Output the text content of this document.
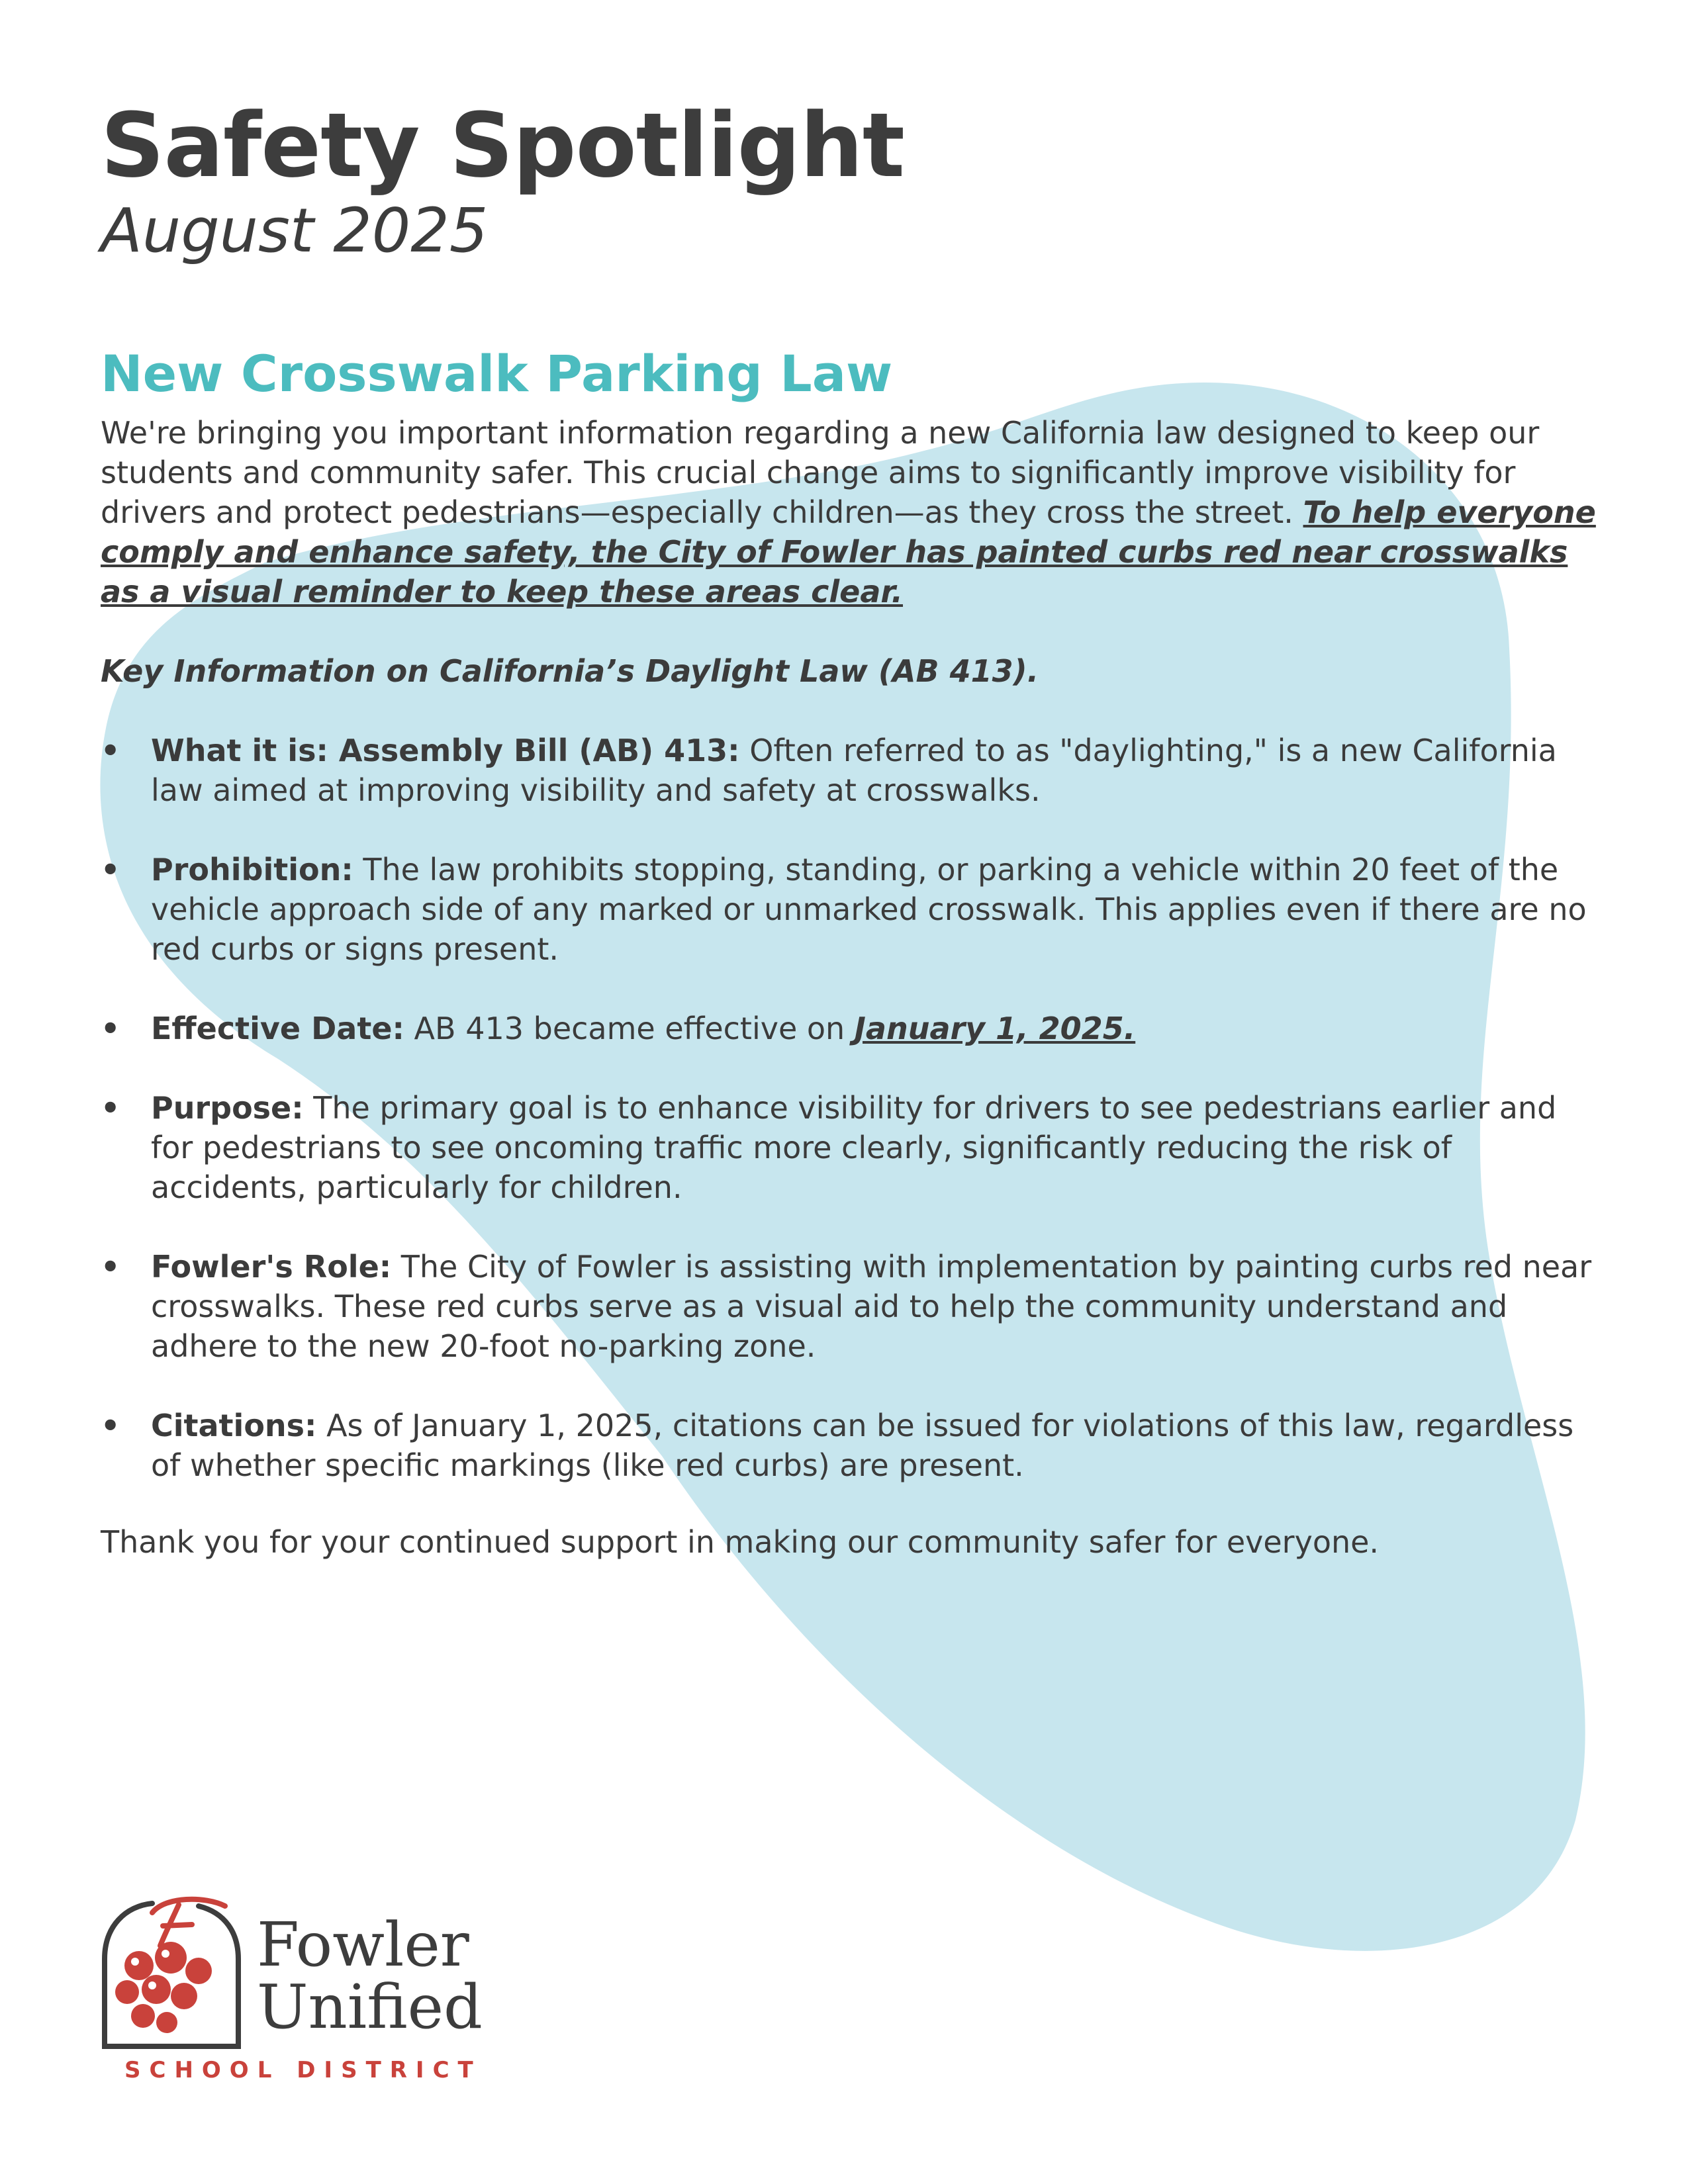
Safety Spotlight
August 2025
New Crosswalk Parking Law
We're bringing you important information regarding a new California law designed to keep our students and community safer. This crucial change aims to significantly improve visibility for drivers and protect pedestrians—especially children—as they cross the street. To help everyone comply and enhance safety, the City of Fowler has painted curbs red near crosswalks as a visual reminder to keep these areas clear.
Key Information on California’s Daylight Law (AB 413).
• What it is: Assembly Bill (AB) 413: Often referred to as "daylighting," is a new California law aimed at improving visibility and safety at crosswalks.
• Prohibition: The law prohibits stopping, standing, or parking a vehicle within 20 feet of the vehicle approach side of any marked or unmarked crosswalk. This applies even if there are no red curbs or signs present.
• Effective Date: AB 413 became effective on January 1, 2025.
• Purpose: The primary goal is to enhance visibility for drivers to see pedestrians earlier and for pedestrians to see oncoming traffic more clearly, significantly reducing the risk of accidents, particularly for children.
• Fowler's Role: The City of Fowler is assisting with implementation by painting curbs red near crosswalks. These red curbs serve as a visual aid to help the community understand and adhere to the new 20-foot no-parking zone.
• Citations: As of January 1, 2025, citations can be issued for violations of this law, regardless of whether specific markings (like red curbs) are present.
Thank you for your continued support in making our community safer for everyone.
Fowler
Unified
SCHOOL DISTRICT
